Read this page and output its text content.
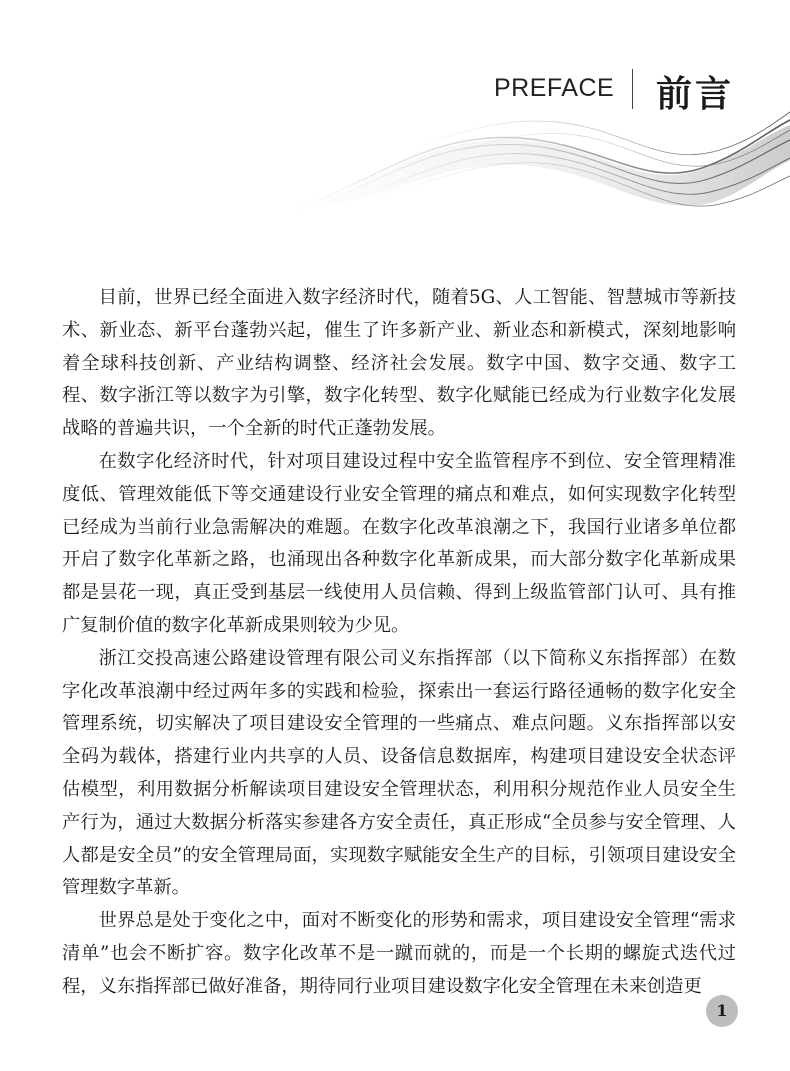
PREFACE 前言

目前，世界已经全面进入数字经济时代，随着5G、人工智能、智慧城市等新技术、新业态、新平台蓬勃兴起，催生了许多新产业、新业态和新模式，深刻地影响着全球科技创新、产业结构调整、经济社会发展。数字中国、数字交通、数字工程、数字浙江等以数字为引擎，数字化转型、数字化赋能已经成为行业数字化发展战略的普遍共识，一个全新的时代正蓬勃发展。

在数字化经济时代，针对项目建设过程中安全监管程序不到位、安全管理精准度低、管理效能低下等交通建设行业安全管理的痛点和难点，如何实现数字化转型已经成为当前行业急需解决的难题。在数字化改革浪潮之下，我国行业诸多单位都开启了数字化革新之路，也涌现出各种数字化革新成果，而大部分数字化革新成果都是昙花一现，真正受到基层一线使用人员信赖、得到上级监管部门认可、具有推广复制价值的数字化革新成果则较为少见。

浙江交投高速公路建设管理有限公司义东指挥部（以下简称义东指挥部）在数字化改革浪潮中经过两年多的实践和检验，探索出一套运行路径通畅的数字化安全管理系统，切实解决了项目建设安全管理的一些痛点、难点问题。义东指挥部以安全码为载体，搭建行业内共享的人员、设备信息数据库，构建项目建设安全状态评估模型，利用数据分析解读项目建设安全管理状态，利用积分规范作业人员安全生产行为，通过大数据分析落实参建各方安全责任，真正形成“全员参与安全管理、人人都是安全员”的安全管理局面，实现数字赋能安全生产的目标，引领项目建设安全管理数字革新。

世界总是处于变化之中，面对不断变化的形势和需求，项目建设安全管理“需求清单”也会不断扩容。数字化改革不是一蹴而就的，而是一个长期的螺旋式迭代过程，义东指挥部已做好准备，期待同行业项目建设数字化安全管理在未来创造更

1
